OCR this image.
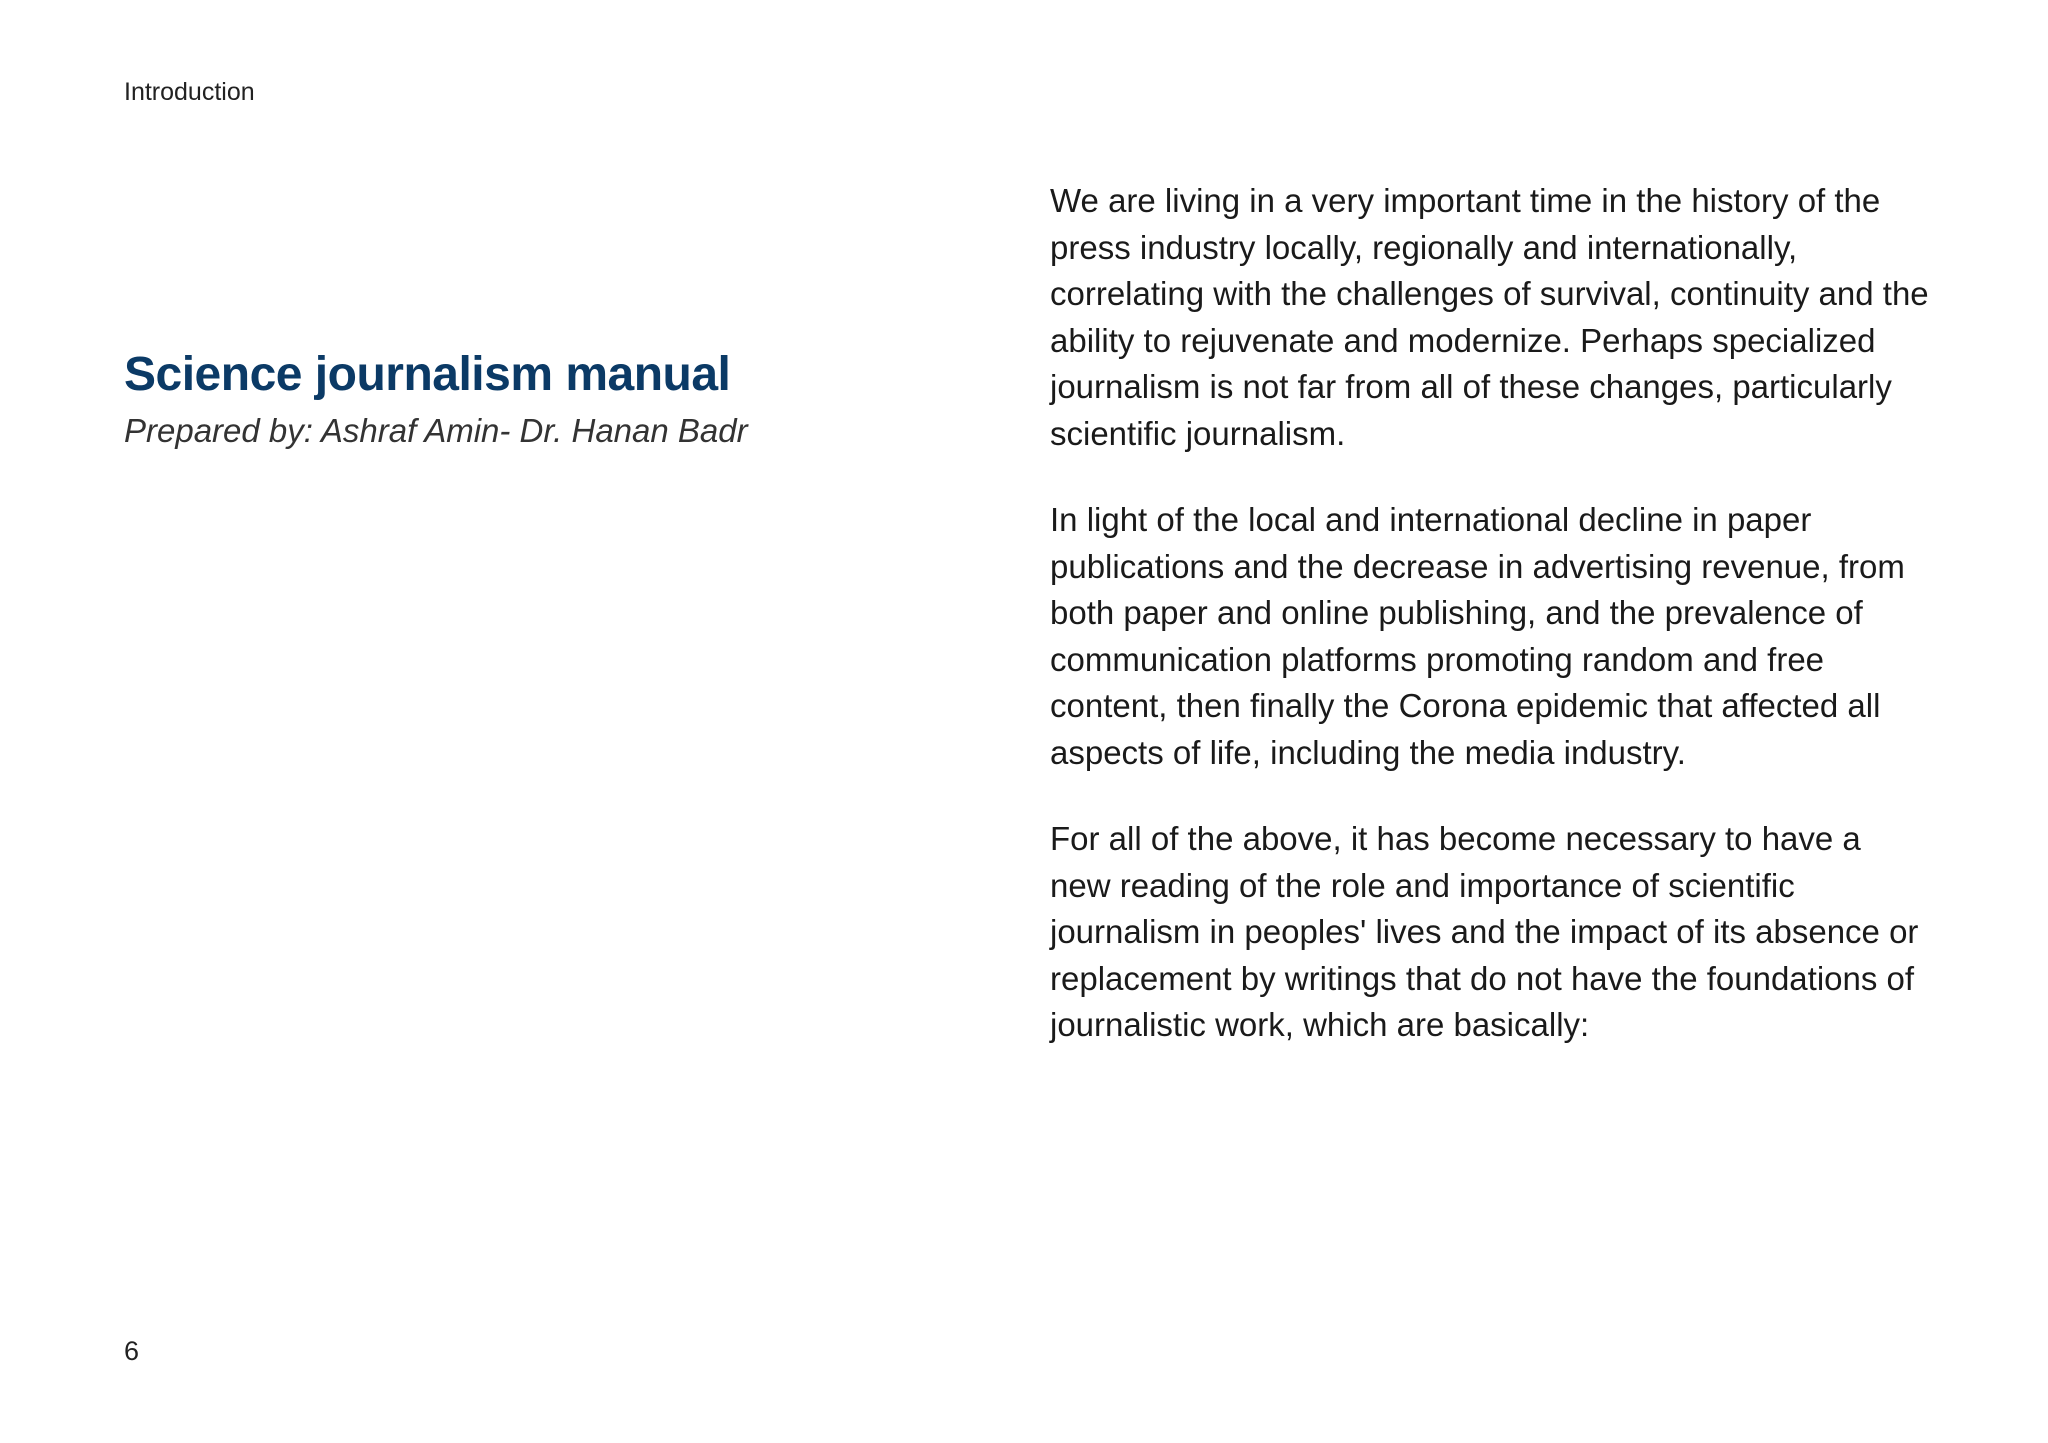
Introduction
Science journalism manual

Prepared by: Ashraf Amin- Dr. Hanan Badr

We are living in a very important time in the history of the press industry locally, regionally and internationally, correlating with the challenges of survival, continuity and the ability to rejuvenate and modernize. Perhaps specialized journalism is not far from all of these changes, particularly scientific journalism.

In light of the local and international decline in paper publications and the decrease in advertising revenue, from both paper and online publishing, and the prevalence of communication platforms promoting random and free content, then finally the Corona epidemic that affected all aspects of life, including the media industry.

For all of the above, it has become necessary to have a new reading of the role and importance of scientific journalism in peoples' lives and the impact of its absence or replacement by writings that do not have the foundations of journalistic work, which are basically:

6
